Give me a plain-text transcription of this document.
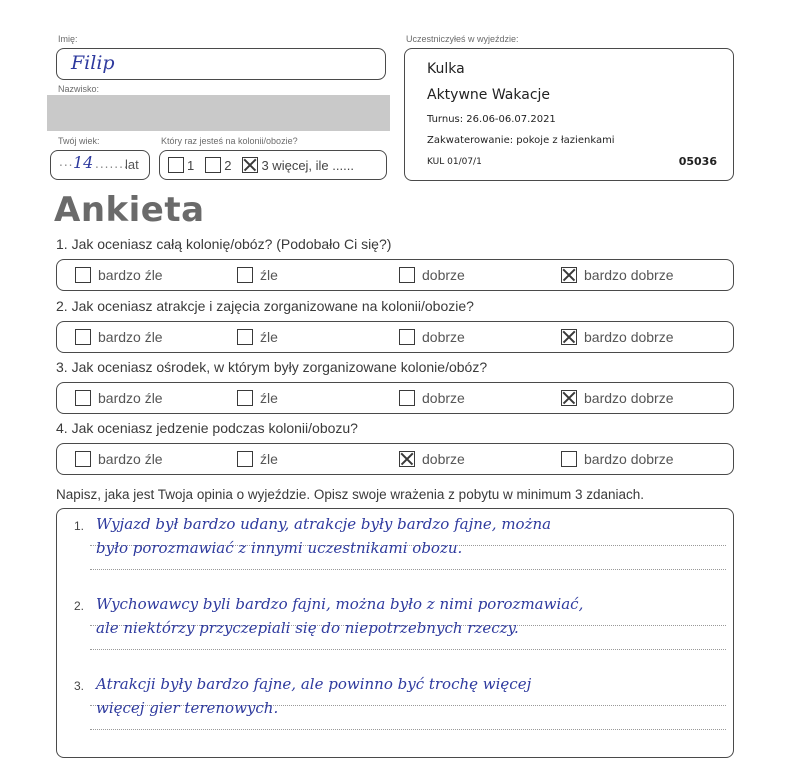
Imię:
Filip
Nazwisko:
Twój wiek:
... 14 .......
lat
Który raz jesteś na kolonii/obozie?
1 2 3 więcej, ile ......
Uczestniczyłeś w wyjeździe:
Kulka
Aktywne Wakacje
Turnus: 26.06-06.07.2021
Zakwaterowanie: pokoje z łazienkami
KUL 01/07/1	05036
Ankieta
1. Jak oceniasz całą kolonię/obóz? (Podobało Ci się?)
bardzo źle	źle	dobrze	bardzo dobrze
2. Jak oceniasz atrakcje i zajęcia zorganizowane na kolonii/obozie?
bardzo źle	źle	dobrze	bardzo dobrze
3. Jak oceniasz ośrodek, w którym były zorganizowane kolonie/obóz?
bardzo źle	źle	dobrze	bardzo dobrze
4. Jak oceniasz jedzenie podczas kolonii/obozu?
bardzo źle	źle	dobrze	bardzo dobrze
Napisz, jaka jest Twoja opinia o wyjeździe. Opisz swoje wrażenia z pobytu w minimum 3 zdaniach.
1. Wyjazd był bardzo udany, atrakcje były bardzo fajne, można
było porozmawiać z innymi uczestnikami obozu.
2. Wychowawcy byli bardzo fajni, można było z nimi porozmawiać,
ale niektórzy przyczepiali się do niepotrzebnych rzeczy.
3. Atrakcji były bardzo fajne, ale powinno być trochę więcej
więcej gier terenowych.
